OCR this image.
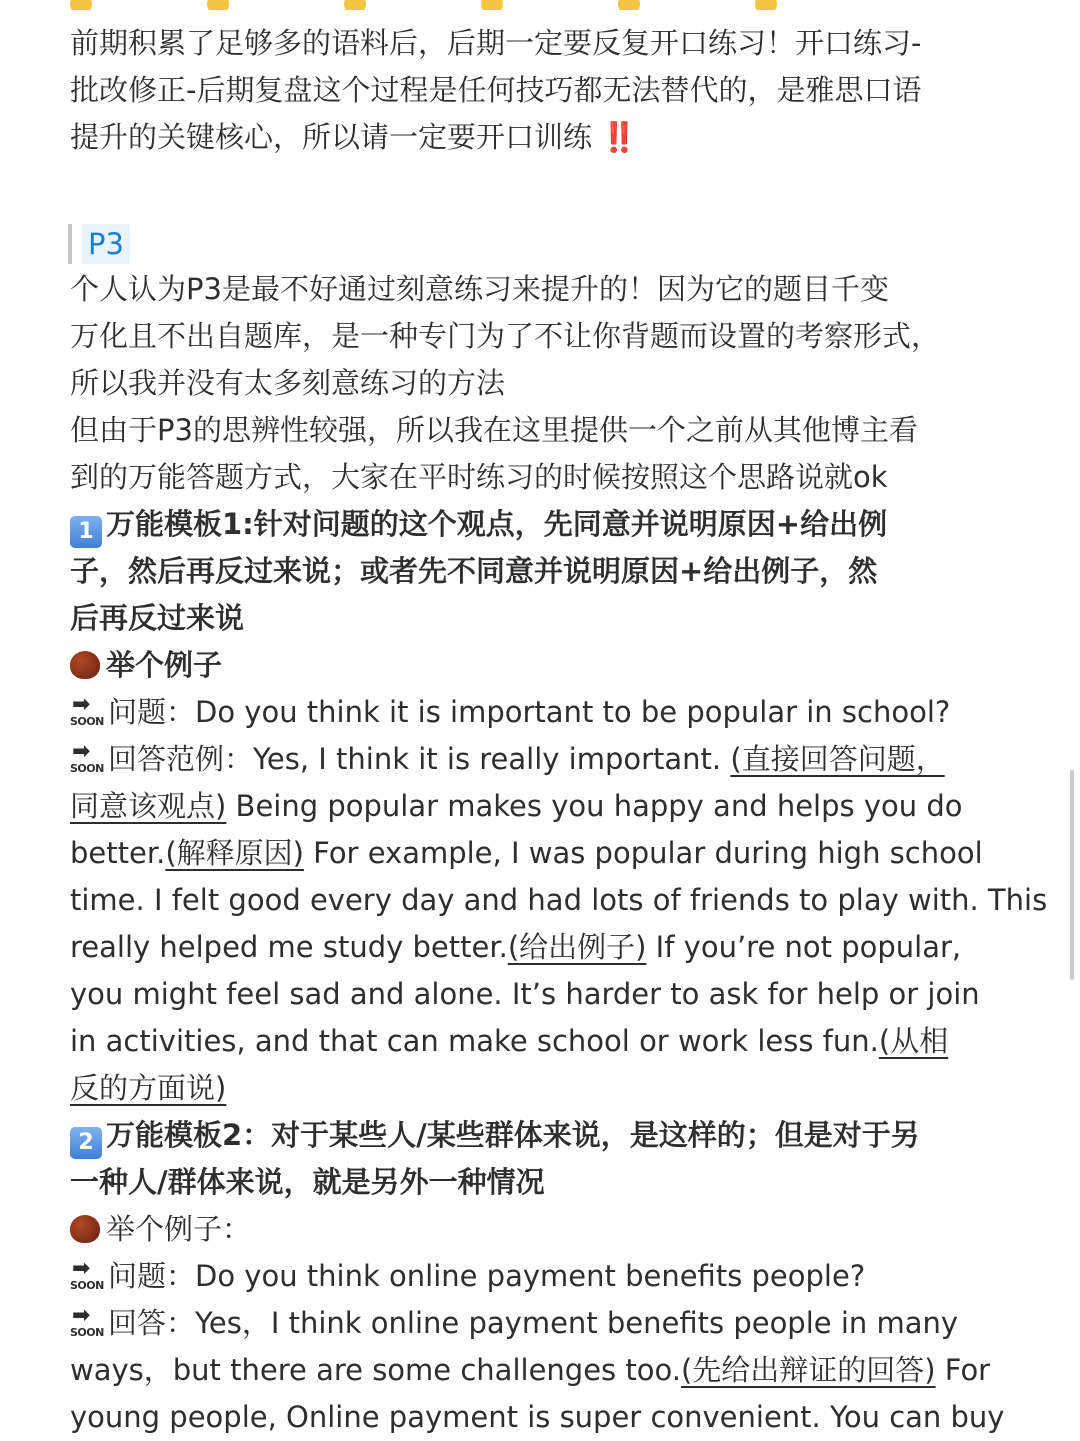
前期积累了足够多的语料后，后期一定要反复开口练习！开口练习-
批改修正-后期复盘这个过程是任何技巧都无法替代的，是雅思口语
提升的关键核心，所以请一定要开口训练 ‼️
P3
个人认为P3是最不好通过刻意练习来提升的！因为它的题目千变
万化且不出自题库，是一种专门为了不让你背题而设置的考察形式，
所以我并没有太多刻意练习的方法
但由于P3的思辨性较强，所以我在这里提供一个之前从其他博主看
到的万能答题方式，大家在平时练习的时候按照这个思路说就ok
1 万能模板1:针对问题的这个观点，先同意并说明原因+给出例
子，然后再反过来说；或者先不同意并说明原因+给出例子，然
后再反过来说
举个例子
➡
SOON 问题：Do you think it is important to be popular in school?
➡
SOON 回答范例：Yes, I think it is really important. (直接回答问题，
同意该观点) Being popular makes you happy and helps you do
better.(解释原因) For example, I was popular during high school
time. I felt good every day and had lots of friends to play with. This
really helped me study better.(给出例子) If you’re not popular,
you might feel sad and alone. It’s harder to ask for help or join
in activities, and that can make school or work less fun.(从相
反的方面说)
2 万能模板2：对于某些人/某些群体来说，是这样的；但是对于另
一种人/群体来说，就是另外一种情况
举个例子：
➡
SOON 问题：Do you think online payment benefits people?
➡
SOON 回答：Yes，I think online payment benefits people in many
ways，but there are some challenges too.(先给出辩证的回答) For
young people, Online payment is super convenient. You can buy
